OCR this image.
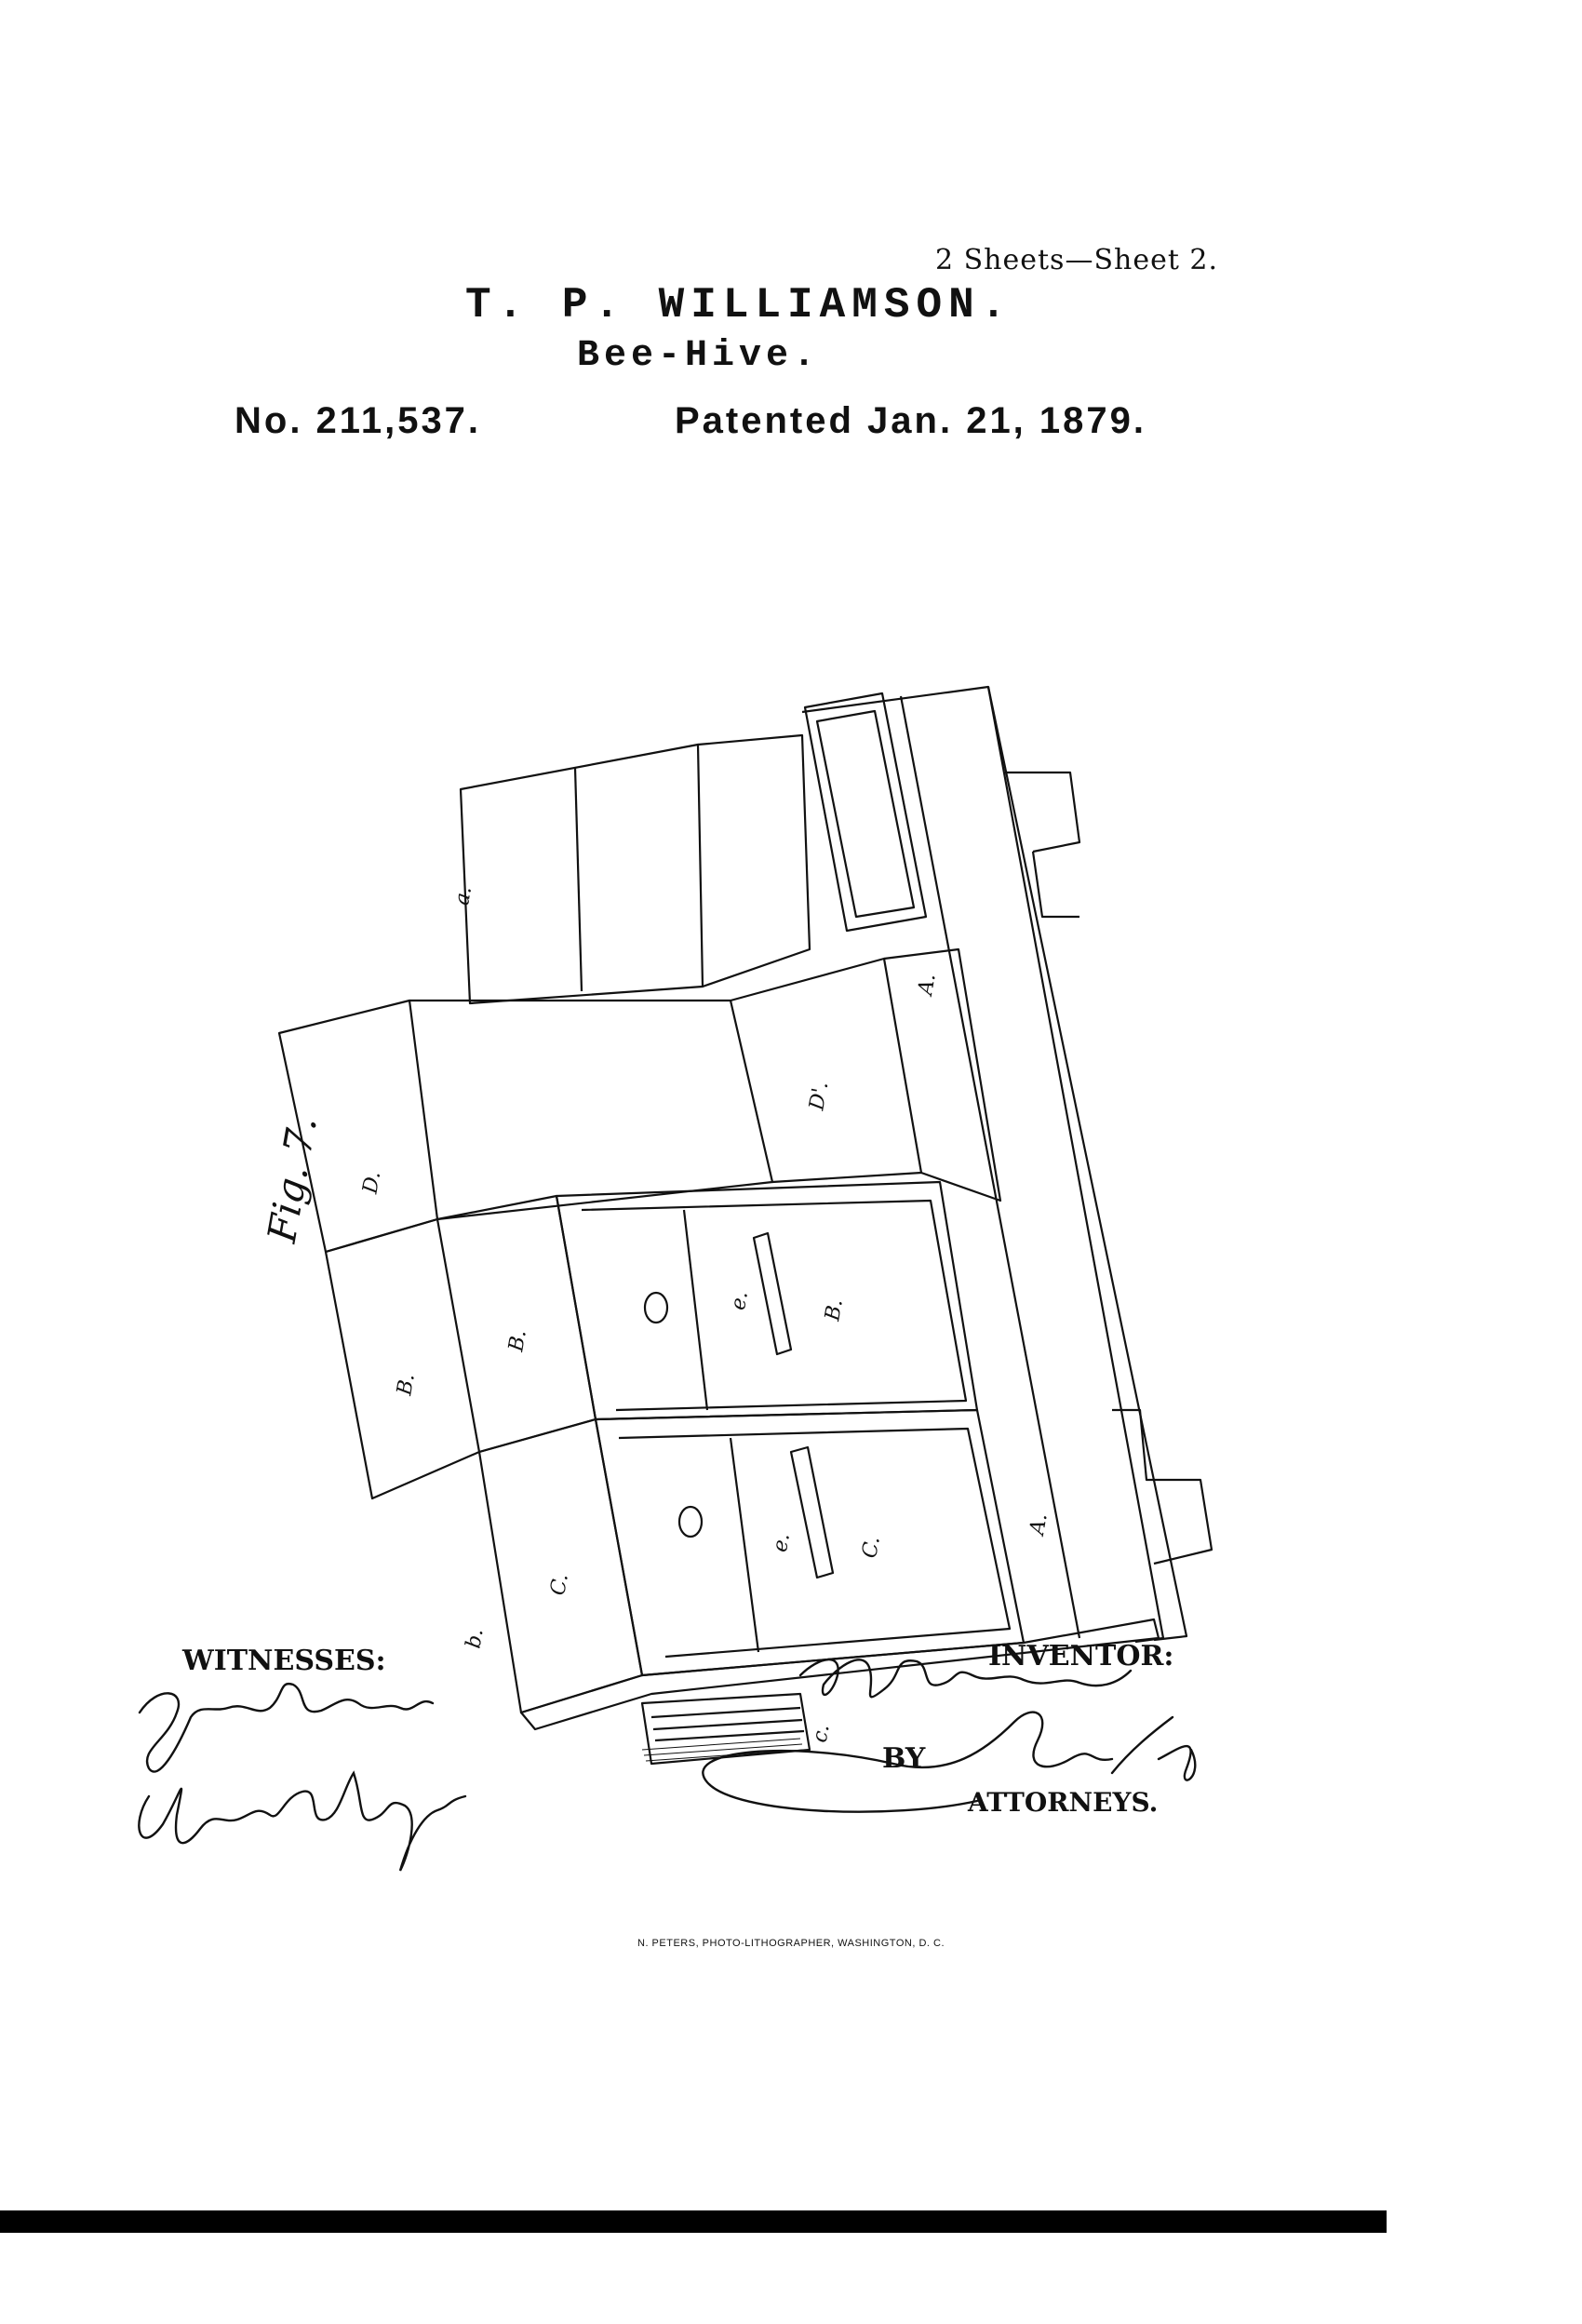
2 Sheets—Sheet 2.
T. P. WILLIAMSON.
Bee-Hive.
No. 211,537.	Patented Jan. 21, 1879.
Fig. 7.
a.
A.
A.
D.
D'.
B.
B.
B.
e.
C.
C.
e.
b.
c.
WITNESSES:	INVENTOR:
BY
ATTORNEYS.
N. PETERS, PHOTO-LITHOGRAPHER, WASHINGTON, D. C.
